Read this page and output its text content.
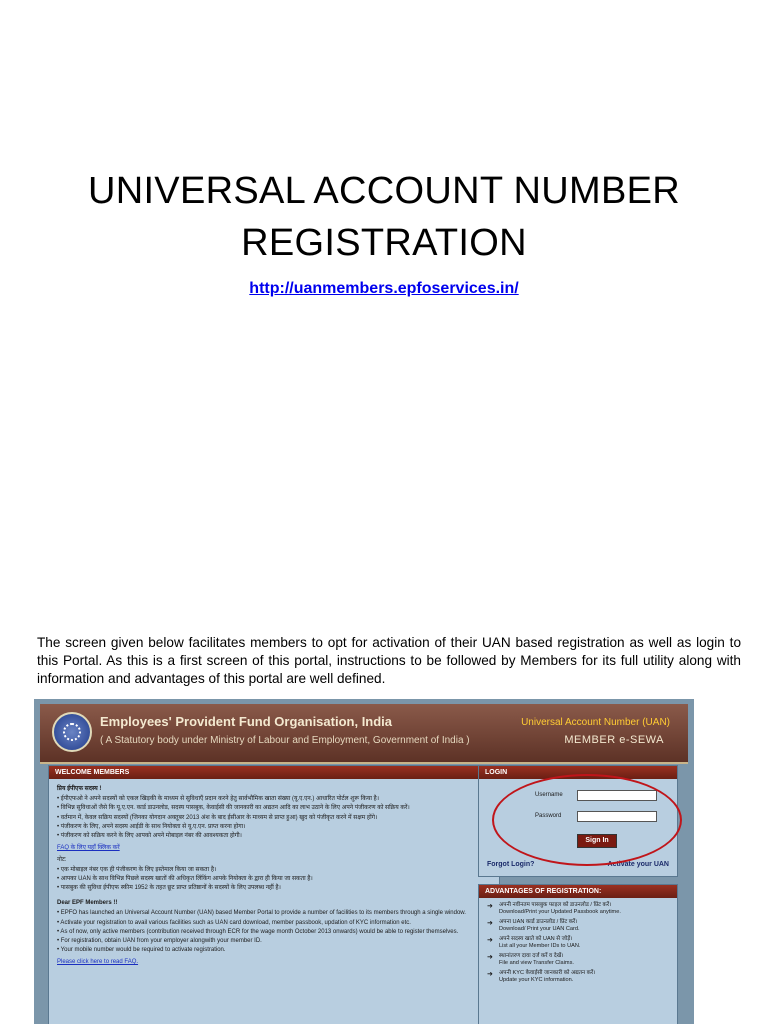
UNIVERSAL ACCOUNT NUMBER
REGISTRATION
http://uanmembers.epfoservices.in/

The screen given below facilitates members to opt for activation of their UAN based registration as well as login to this Portal. As this is a first screen of this portal, instructions to be followed by Members for its full utility along with information and advantages of this portal are well defined.

Employees' Provident Fund Organisation, India
( A Statutory body under Ministry of Labour and Employment, Government of India )
Universal Account Number (UAN)
MEMBER e-SEWA
WELCOME MEMBERS
प्रिय ईपीएफ सदस्य !
• ईपीएफओ ने अपने सदस्यों को एकल खिड़की के माध्यम से सुविधाएँ प्रदान करने हेतु सार्वभौमिक खाता संख्या (यू.ए.एन.) आधारित पोर्टल शुरू किया है।
• विभिन्न सुविधाओं जैसे कि यू.ए.एन. कार्ड डाउनलोड, सदस्य पासबुक, केवाईसी की जानकारी का अद्यतन आदि का लाभ उठाने के लिए अपने पंजीकरण को सक्रिय करें।
• वर्तमान में, केवल सक्रिय सदस्यों (जिनका योगदान अक्तूबर 2013 अंश के बाद ईसीआर के माध्यम से प्राप्त हुआ) खुद को पंजीकृत करने में सक्षम होंगे।
• पंजीकरण के लिए, अपने सदस्य आईडी के साथ नियोक्ता से यू.ए.एन. प्राप्त करना होगा।
• पंजीकरण को सक्रिय करने के लिए आपको अपने मोबाइल नंबर की आवश्यकता होगी।
FAQ के लिए यहाँ क्लिक करें
नोट:
• एक मोबाइल नंबर एक ही पंजीकरण के लिए इस्तेमाल किया जा सकता है।
• आपका UAN के साथ विभिन्न पिछले सदस्य खातों की अधिकृत लिंकिंग आपके नियोक्ता के द्वारा ही किया जा सकता है।
• पासबुक की सुविधा ईपीएफ स्कीम 1952 के तहत छूट प्राप्त प्रतिष्ठानों के सदस्यों के लिए उपलब्ध नहीं है।
Dear EPF Members !!
• EPFO has launched an Universal Account Number (UAN) based Member Portal to provide a number of facilities to its members through a single window.
• Activate your registration to avail various facilities such as UAN card download, member passbook, updation of KYC information etc.
• As of now, only active members (contribution received through ECR for the wage month October 2013 onwards) would be able to register themselves.
• For registration, obtain UAN from your employer alongwith your member ID.
• Your mobile number would be required to activate registration.
Please click here to read FAQ.
LOGIN
Username
Password
Sign In
Forgot Login?	Activate your UAN
ADVANTAGES OF REGISTRATION:
➜	अपनी नवीनतम पासबुक फाइल को डाउनलोड / प्रिंट करें।
Download/Print your Updated Passbook anytime.
➜	अपना UAN कार्ड डाउनलोड / प्रिंट करें।
Download/ Print your UAN Card.
➜	अपने सदस्य खाते को UAN से जोड़ें।
List all your Member IDs to UAN.
➜	स्थानांतरण दावा दर्ज करें व देखें।
File and view Transfer Claims.
➜	अपनी KYC केवाईसी जानकारी को अद्यतन करें।
Update your KYC information.
